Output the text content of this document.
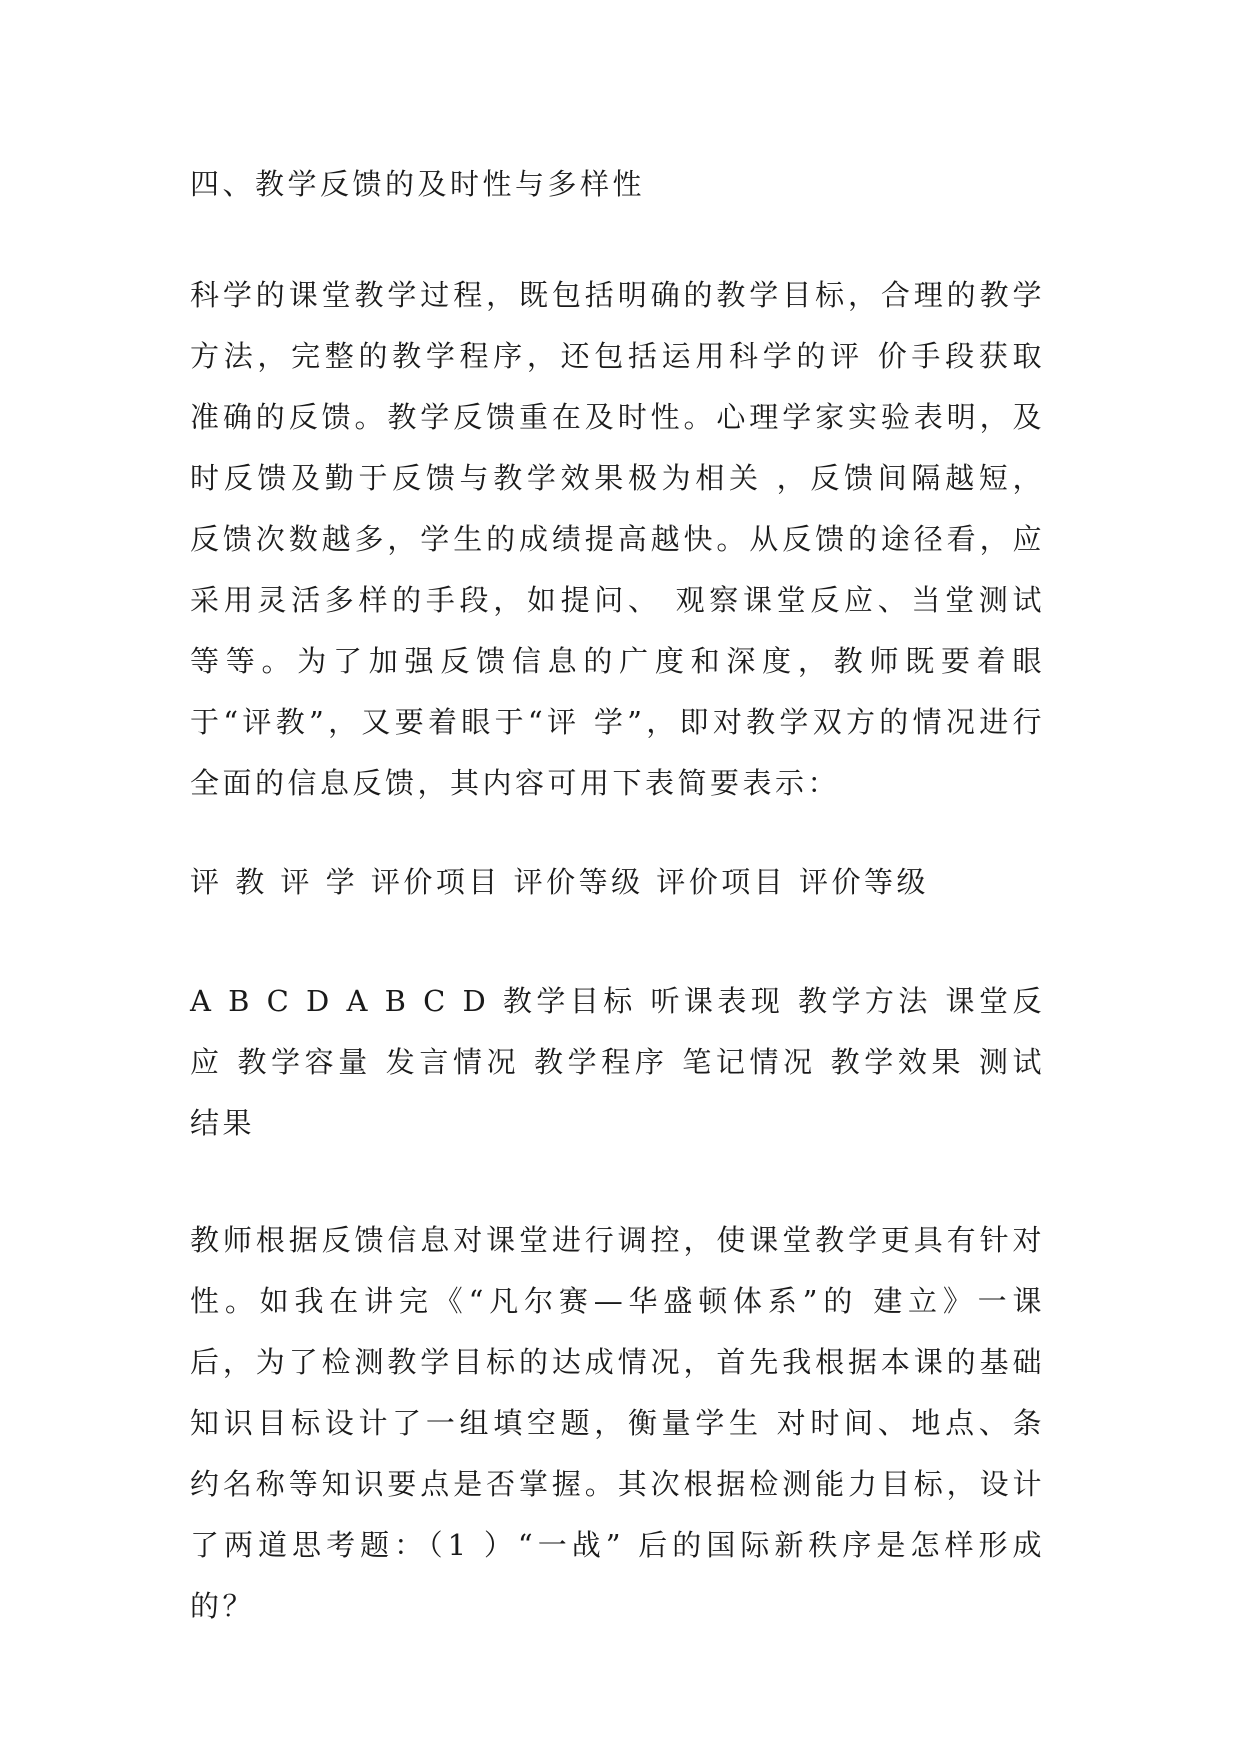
四、教学反馈的及时性与多样性

科学的课堂教学过程，既包括明确的教学目标，合理的教学方法，完整的教学程序，还包括运用科学的评 价手段获取准确的反馈。教学反馈重在及时性。心理学家实验表明，及时反馈及勤于反馈与教学效果极为相关 ，反馈间隔越短，反馈次数越多，学生的成绩提高越快。从反馈的途径看，应采用灵活多样的手段，如提问、 观察课堂反应、当堂测试等等。为了加强反馈信息的广度和深度，教师既要着眼于“评教”，又要着眼于“评 学”，即对教学双方的情况进行全面的信息反馈，其内容可用下表简要表示：

评 教 评 学 评价项目 评价等级 评价项目 评价等级

A B C D A B C D 教学目标 听课表现 教学方法 课堂反应 教学容量 发言情况 教学程序 笔记情况 教学效果 测试结果

教师根据反馈信息对课堂进行调控，使课堂教学更具有针对性。如我在讲完《“凡尔赛—华盛顿体系”的 建立》一课后，为了检测教学目标的达成情况，首先我根据本课的基础知识目标设计了一组填空题，衡量学生 对时间、地点、条约名称等知识要点是否掌握。其次根据检测能力目标，设计了两道思考题：（1 ）“一战” 后的国际新秩序是怎样形成的？
